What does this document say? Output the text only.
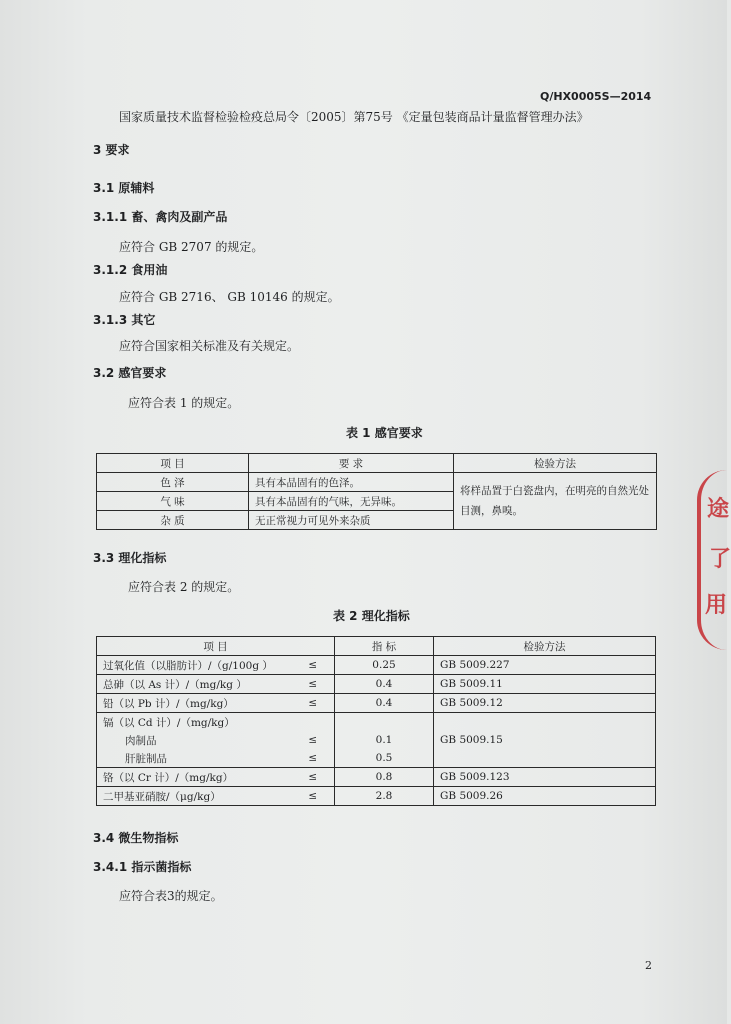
Q/HX0005S—2014
国家质量技术监督检验检疫总局令〔2005〕第75号 《定量包装商品计量监督管理办法》
3 要求
3.1 原辅料
3.1.1 畜、禽肉及副产品
应符合 GB 2707 的规定。
3.1.2 食用油
应符合 GB 2716、 GB 10146 的规定。
3.1.3 其它
应符合国家相关标准及有关规定。
3.2 感官要求
应符合表 1 的规定。
表 1 感官要求
项 目	要 求	检验方法
色 泽	具有本品固有的色泽。	将样品置于白瓷盘内，在明亮的自然光处目测，鼻嗅。
气 味	具有本品固有的气味，无异味。	
杂 质	无正常视力可见外来杂质	
3.3 理化指标
应符合表 2 的规定。
表 2 理化指标
项 目		指 标	检验方法
过氧化值（以脂肪计）/（g/100g ）	≤	0.25	GB 5009.227
总砷（以 As 计）/（mg/kg ）	≤	0.4	GB 5009.11
铅（以 Pb 计）/（mg/kg）	≤	0.4	GB 5009.12
镉（以 Cd 计）/（mg/kg）			GB 5009.15
肉制品	≤	0.1	
肝脏制品	≤	0.5	
铬（以 Cr 计）/（mg/kg）	≤	0.8	GB 5009.123
二甲基亚硝胺/（μg/kg）	≤	2.8	GB 5009.26
3.4 微生物指标
3.4.1 指示菌指标
应符合表3的规定。
2
途
了
用
